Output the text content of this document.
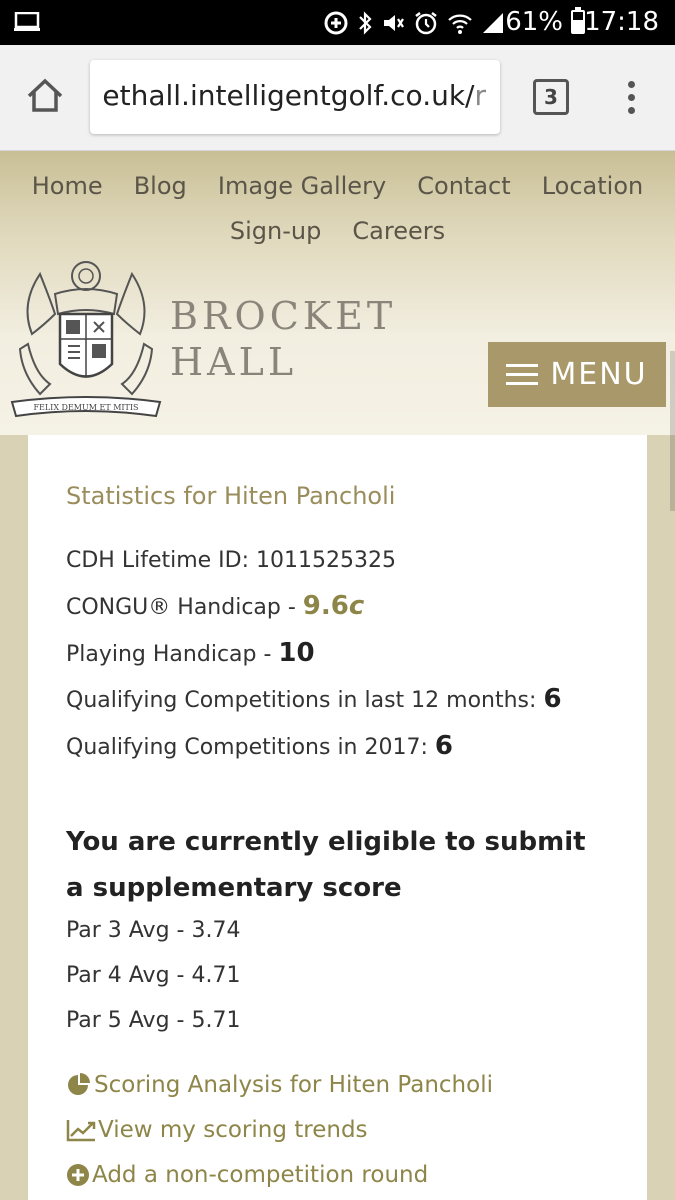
61% 17:18
ethall.intelligentgolf.co.uk/r	3
Home Blog Image Gallery Contact Location
Sign-up Careers
FELIX DEMUM ET MITIS
BROCKET
HALL	MENU
Statistics for Hiten Pancholi
CDH Lifetime ID: 1011525325
CONGU® Handicap - 9.6c
Playing Handicap - 10
Qualifying Competitions in last 12 months: 6
Qualifying Competitions in 2017: 6
You are currently eligible to submit a supplementary score
Par 3 Avg - 3.74
Par 4 Avg - 4.71
Par 5 Avg - 5.71
Scoring Analysis for Hiten Pancholi
View my scoring trends
Add a non-competition round
